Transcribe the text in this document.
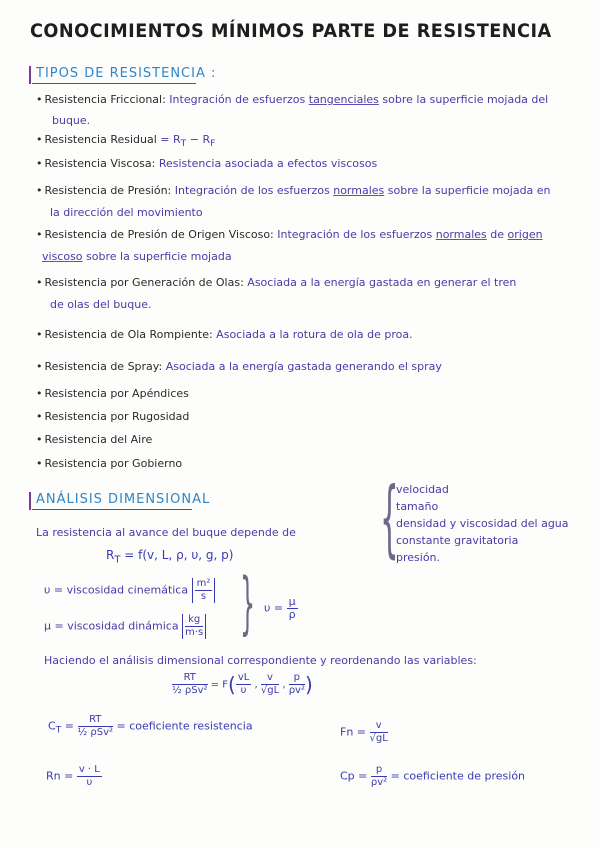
CONOCIMIENTOS MÍNIMOS PARTE DE RESISTENCIA
TIPOS DE RESISTENCIA :
• Resistencia Friccional: Integración de esfuerzos tangenciales sobre la superficie mojada del
buque.
• Resistencia Residual = $R_T - R_F$
• Resistencia Viscosa: Resistencia asociada a efectos viscosos
• Resistencia de Presión: Integración de los esfuerzos normales sobre la superficie mojada en
la dirección del movimiento
• Resistencia de Presión de Origen Viscoso: Integración de los esfuerzos normales de origen
viscoso sobre la superficie mojada
• Resistencia por Generación de Olas: Asociada a la energía gastada en generar el tren
de olas del buque.
• Resistencia de Ola Rompiente: Asociada a la rotura de ola de proa.
• Resistencia de Spray: Asociada a la energía gastada generando el spray
• Resistencia por Apéndices
• Resistencia por Rugosidad
• Resistencia del Aire
• Resistencia por Gobierno
ANÁLISIS DIMENSIONAL {
velocidad
tamaño
densidad y viscosidad del agua
constante gravitatoria
presión.
La resistencia al avance del buque depende de
$R_T = f(v$, L, ρ, υ, g, p)
υ = viscosidad cinemática $\frac{\text{m²}}{s}$
μ = viscosidad dinámica $\frac{kg}{m\cdot s}$ } $\upsilon = \frac{\mu}{\rho}$
Haciendo el análisis dimensional correspondiente y reordenando las variables:
$\frac{RT}{\text{½ ρSv²}} = F( \frac{vL}{\upsilon}$ , $\frac{v}{√gL}$ , $\frac{p}{\text{ρv²}}$ )
$C_T = \frac{RT}{\text{½ ρSv²}}$ = coeficiente resistencia	$Fn = \frac{v}{√gL}$
$Rn = \frac{v \cdot L}{\upsilon}$	$Cp = \frac{p}{\text{ρv²}}$ = coeficiente de presión
